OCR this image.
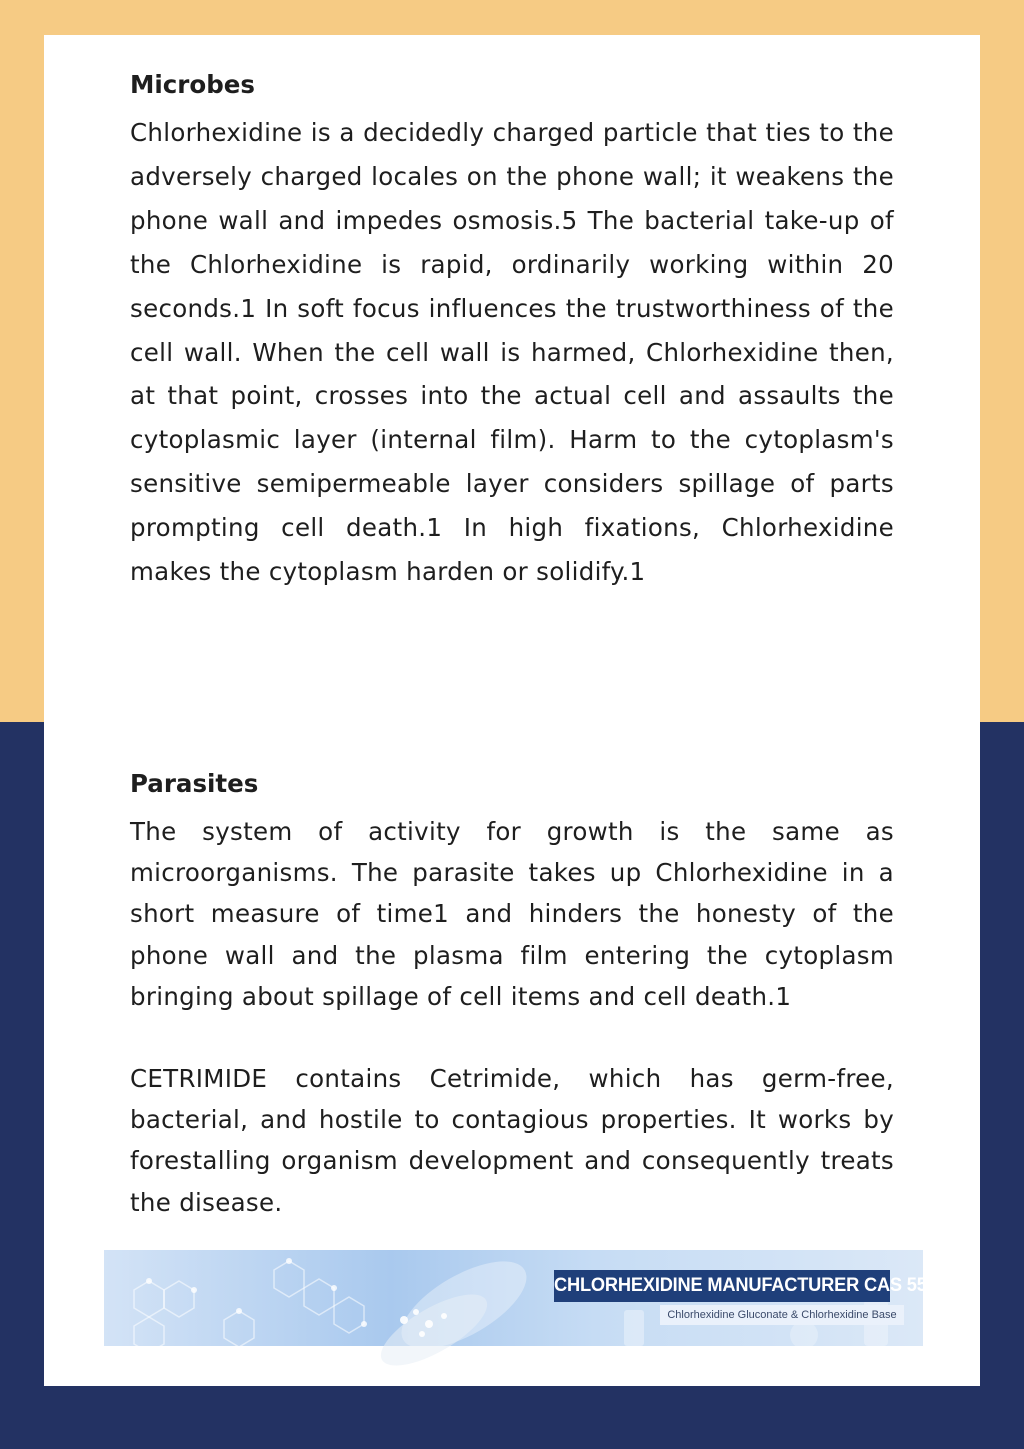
Microbes

Chlorhexidine is a decidedly charged particle that ties to the adversely charged locales on the phone wall; it weakens the phone wall and impedes osmosis.5 The bacterial take-up of the Chlorhexidine is rapid, ordinarily working within 20 seconds.1 In soft focus influences the trustworthiness of the cell wall. When the cell wall is harmed, Chlorhexidine then, at that point, crosses into the actual cell and assaults the cytoplasmic layer (internal film). Harm to the cytoplasm's sensitive semipermeable layer considers spillage of parts prompting cell death.1 In high fixations, Chlorhexidine makes the cytoplasm harden or solidify.1

Parasites

The system of activity for growth is the same as microorganisms. The parasite takes up Chlorhexidine in a short measure of time1 and hinders the honesty of the phone wall and the plasma film entering the cytoplasm bringing about spillage of cell items and cell death.1

CETRIMIDE contains Cetrimide, which has germ-free, bacterial, and hostile to contagious properties. It works by forestalling organism development and consequently treats the disease.

CHLORHEXIDINE MANUFACTURER CAS 55-56-1
Chlorhexidine Gluconate & Chlorhexidine Base
